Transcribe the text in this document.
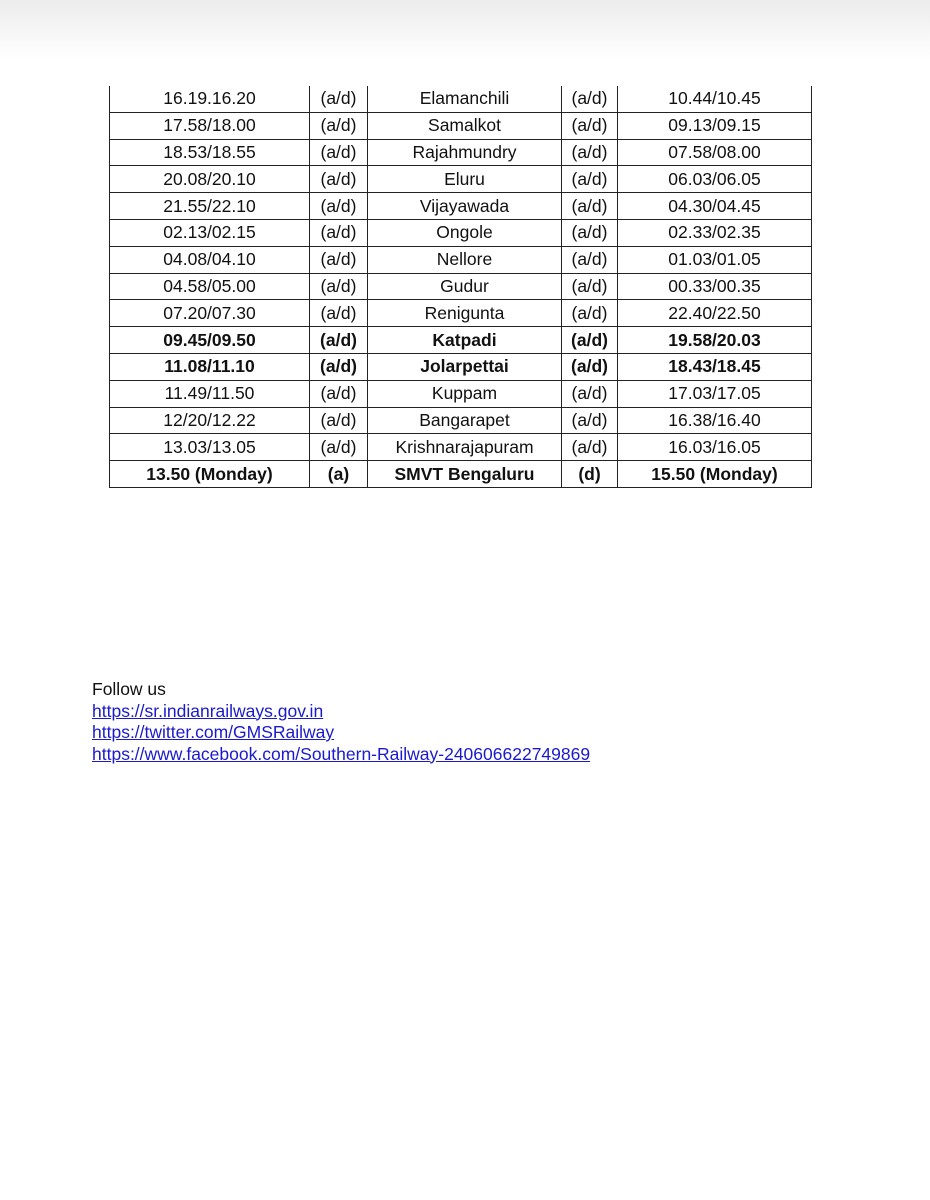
16.19.16.20	(a/d)	Elamanchili	(a/d)	10.44/10.45
17.58/18.00	(a/d)	Samalkot	(a/d)	09.13/09.15
18.53/18.55	(a/d)	Rajahmundry	(a/d)	07.58/08.00
20.08/20.10	(a/d)	Eluru	(a/d)	06.03/06.05
21.55/22.10	(a/d)	Vijayawada	(a/d)	04.30/04.45
02.13/02.15	(a/d)	Ongole	(a/d)	02.33/02.35
04.08/04.10	(a/d)	Nellore	(a/d)	01.03/01.05
04.58/05.00	(a/d)	Gudur	(a/d)	00.33/00.35
07.20/07.30	(a/d)	Renigunta	(a/d)	22.40/22.50
09.45/09.50	(a/d)	Katpadi	(a/d)	19.58/20.03
11.08/11.10	(a/d)	Jolarpettai	(a/d)	18.43/18.45
11.49/11.50	(a/d)	Kuppam	(a/d)	17.03/17.05
12/20/12.22	(a/d)	Bangarapet	(a/d)	16.38/16.40
13.03/13.05	(a/d)	Krishnarajapuram	(a/d)	16.03/16.05
13.50 (Monday)	(a)	SMVT Bengaluru	(d)	15.50 (Monday)

Follow us
https://sr.indianrailways.gov.in
https://twitter.com/GMSRailway
https://www.facebook.com/Southern-Railway-240606622749869
